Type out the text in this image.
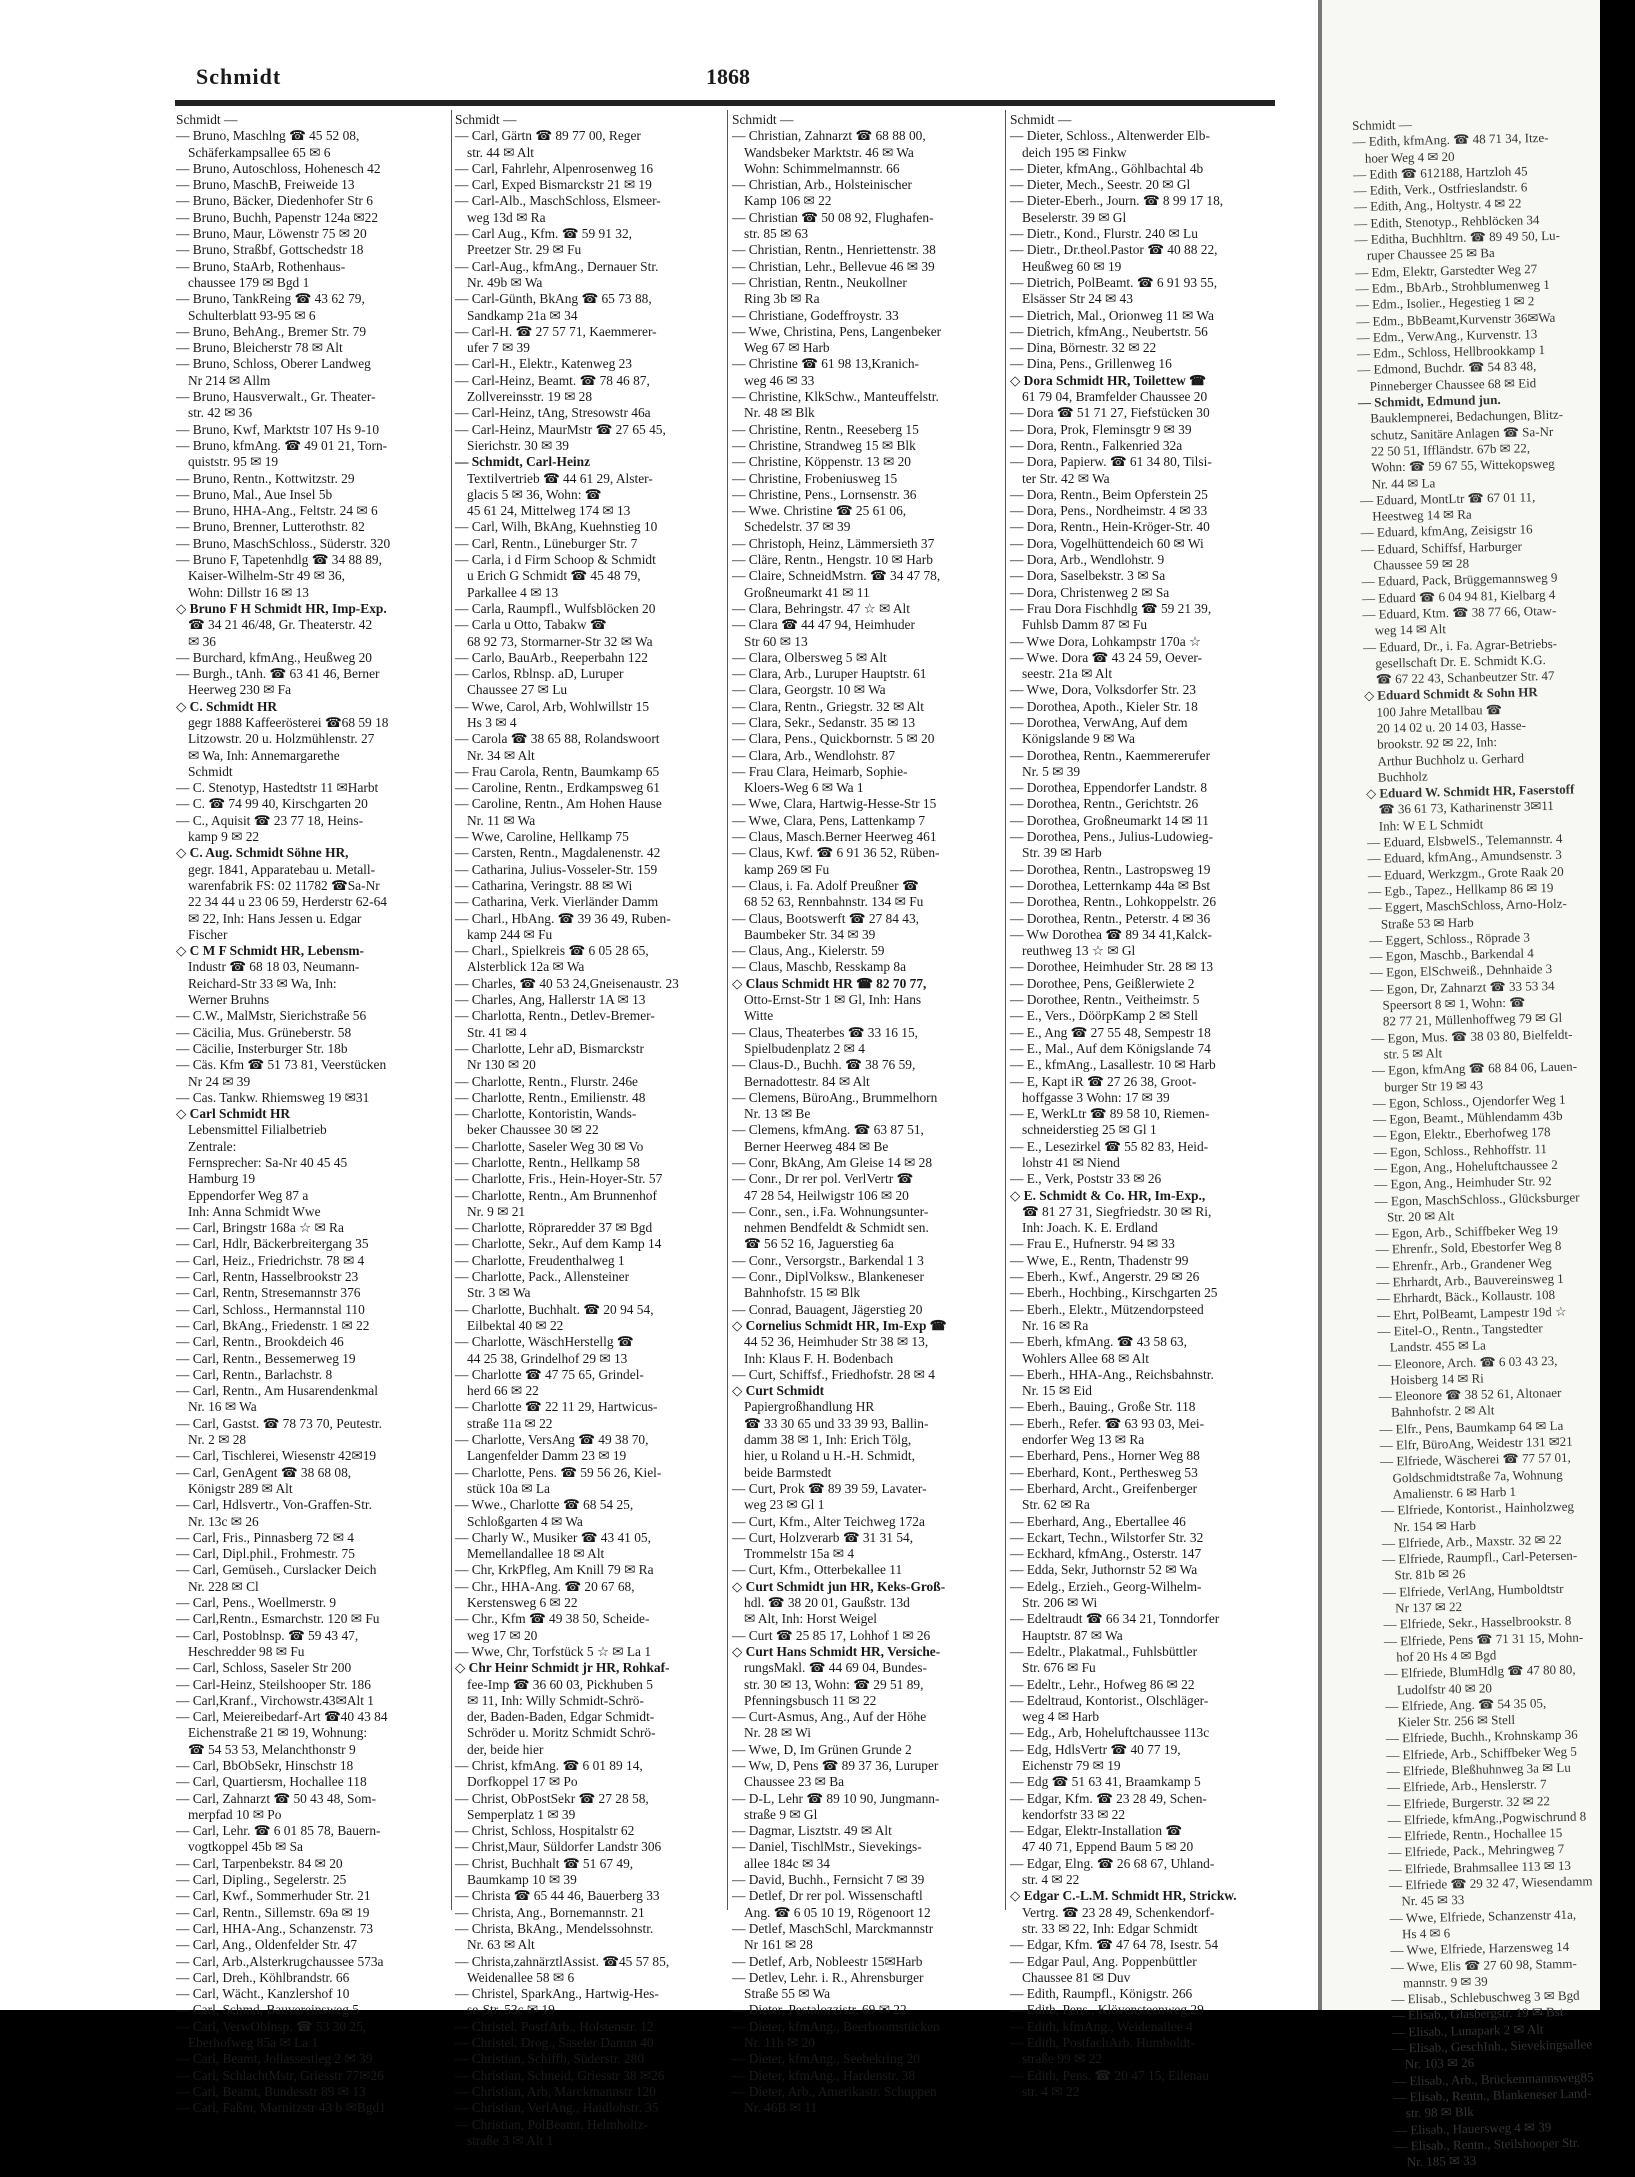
Schmidt	1868
Schmidt —
— Bruno, Maschlng ☎ 45 52 08,
Schäferkampsallee 65 ✉ 6
— Bruno, Autoschloss, Hohenesch 42
— Bruno, MaschB, Freiweide 13
— Bruno, Bäcker, Diedenhofer Str 6
— Bruno, Buchh, Papenstr 124a ✉22
— Bruno, Maur, Löwenstr 75 ✉ 20
— Bruno, Straßbf, Gottschedstr 18
— Bruno, StaArb, Rothenhaus-
chaussee 179 ✉ Bgd 1
— Bruno, TankReing ☎ 43 62 79,
Schulterblatt 93-95 ✉ 6
— Bruno, BehAng., Bremer Str. 79
— Bruno, Bleicherstr 78 ✉ Alt
— Bruno, Schloss, Oberer Landweg
Nr 214 ✉ Allm
— Bruno, Hausverwalt., Gr. Theater-
str. 42 ✉ 36
— Bruno, Kwf, Marktstr 107 Hs 9-10
— Bruno, kfmAng. ☎ 49 01 21, Torn-
quiststr. 95 ✉ 19
— Bruno, Rentn., Kottwitzstr. 29
— Bruno, Mal., Aue Insel 5b
— Bruno, HHA-Ang., Feltstr. 24 ✉ 6
— Bruno, Brenner, Lutterothstr. 82
— Bruno, MaschSchloss., Süderstr. 320
— Bruno F, Tapetenhdlg ☎ 34 88 89,
Kaiser-Wilhelm-Str 49 ✉ 36,
Wohn: Dillstr 16 ✉ 13
◇ Bruno F H Schmidt HR, Imp-Exp.
☎ 34 21 46/48, Gr. Theaterstr. 42
✉ 36
— Burchard, kfmAng., Heußweg 20
— Burgh., tAnh. ☎ 63 41 46, Berner
Heerweg 230 ✉ Fa
◇ C. Schmidt HR
gegr 1888 Kaffeerösterei ☎68 59 18
Litzowstr. 20 u. Holzmühlenstr. 27
✉ Wa, Inh: Annemargarethe
Schmidt
— C. Stenotyp, Hastedtstr 11 ✉Harbt
— C. ☎ 74 99 40, Kirschgarten 20
— C., Aquisit ☎ 23 77 18, Heins-
kamp 9 ✉ 22
◇ C. Aug. Schmidt Söhne HR,
gegr. 1841, Apparatebau u. Metall-
warenfabrik FS: 02 11782 ☎Sa-Nr
22 34 44 u 23 06 59, Herderstr 62-64
✉ 22, Inh: Hans Jessen u. Edgar
Fischer
◇ C M F Schmidt HR, Lebensm-
Industr ☎ 68 18 03, Neumann-
Reichard-Str 33 ✉ Wa, Inh:
Werner Bruhns
— C.W., MalMstr, Sierichstraße 56
— Cäcilia, Mus. Grüneberstr. 58
— Cäcilie, Insterburger Str. 18b
— Cäs. Kfm ☎ 51 73 81, Veerstücken
Nr 24 ✉ 39
— Cas. Tankw. Rhiemsweg 19 ✉31
◇ Carl Schmidt HR
Lebensmittel Filialbetrieb
Zentrale:
Fernsprecher: Sa-Nr 40 45 45
Hamburg 19
Eppendorfer Weg 87 a
Inh: Anna Schmidt Wwe
— Carl, Bringstr 168a ☆ ✉ Ra
— Carl, Hdlr, Bäckerbreitergang 35
— Carl, Heiz., Friedrichstr. 78 ✉ 4
— Carl, Rentn, Hasselbrookstr 23
— Carl, Rentn, Stresemannstr 376
— Carl, Schloss., Hermannstal 110
— Carl, BkAng., Friedenstr. 1 ✉ 22
— Carl, Rentn., Brookdeich 46
— Carl, Rentn., Bessemerweg 19
— Carl, Rentn., Barlachstr. 8
— Carl, Rentn., Am Husarendenkmal
Nr. 16 ✉ Wa
— Carl, Gastst. ☎ 78 73 70, Peutestr.
Nr. 2 ✉ 28
— Carl, Tischlerei, Wiesenstr 42✉19
— Carl, GenAgent ☎ 38 68 08,
Königstr 289 ✉ Alt
— Carl, Hdlsvertr., Von-Graffen-Str.
Nr. 13c ✉ 26
— Carl, Fris., Pinnasberg 72 ✉ 4
— Carl, Dipl.phil., Frohmestr. 75
— Carl, Gemüseh., Curslacker Deich
Nr. 228 ✉ Cl
— Carl, Pens., Woellmerstr. 9
— Carl,Rentn., Esmarchstr. 120 ✉ Fu
— Carl, Postoblnsp. ☎ 59 43 47,
Heschredder 98 ✉ Fu
— Carl, Schloss, Saseler Str 200
— Carl-Heinz, Steilshooper Str. 186
— Carl,Kranf., Virchowstr.43✉Alt 1
— Carl, Meiereibedarf-Art ☎40 43 84
Eichenstraße 21 ✉ 19, Wohnung:
☎ 54 53 53, Melanchthonstr 9
— Carl, BbObSekr, Hinschstr 18
— Carl, Quartiersm, Hochallee 118
— Carl, Zahnarzt ☎ 50 43 48, Som-
merpfad 10 ✉ Po
— Carl, Lehr. ☎ 6 01 85 78, Bauern-
vogtkoppel 45b ✉ Sa
— Carl, Tarpenbekstr. 84 ✉ 20
— Carl, Dipling., Segelerstr. 25
— Carl, Kwf., Sommerhuder Str. 21
— Carl, Rentn., Sillemstr. 69a ✉ 19
— Carl, HHA-Ang., Schanzenstr. 73
— Carl, Ang., Oldenfelder Str. 47
— Carl, Arb.,Alsterkrugchaussee 573a
— Carl, Dreh., Köhlbrandstr. 66
— Carl, Wächt., Kanzlershof 10
— Carl, Schmd, Bauvereinsweg 5
— Carl, VerwOblnsp. ☎ 53 30 25,
Eberhofweg 85a ✉ La 1
— Carl, Beamt, Jollassestieg 2 ✉ 39
— Carl, SchlachtMstr, Griesstr 77✉26
— Carl, Beamt, Bundesstr 89 ✉ 13
— Carl, Faßm, Marnitzstr 43 b ✉Bgd1
Schmidt —
— Carl, Gärtn ☎ 89 77 00, Reger
str. 44 ✉ Alt
— Carl, Fahrlehr, Alpenrosenweg 16
— Carl, Exped Bismarckstr 21 ✉ 19
— Carl-Alb., MaschSchloss, Elsmeer-
weg 13d ✉ Ra
— Carl Aug., Kfm. ☎ 59 91 32,
Preetzer Str. 29 ✉ Fu
— Carl-Aug., kfmAng., Dernauer Str.
Nr. 49b ✉ Wa
— Carl-Günth, BkAng ☎ 65 73 88,
Sandkamp 21a ✉ 34
— Carl-H. ☎ 27 57 71, Kaemmerer-
ufer 7 ✉ 39
— Carl-H., Elektr., Katenweg 23
— Carl-Heinz, Beamt. ☎ 78 46 87,
Zollvereinsstr. 19 ✉ 28
— Carl-Heinz, tAng, Stresowstr 46a
— Carl-Heinz, MaurMstr ☎ 27 65 45,
Sierichstr. 30 ✉ 39
— Schmidt, Carl-Heinz
Textilvertrieb ☎ 44 61 29, Alster-
glacis 5 ✉ 36, Wohn: ☎
45 61 24, Mittelweg 174 ✉ 13
— Carl, Wilh, BkAng, Kuehnstieg 10
— Carl, Rentn., Lüneburger Str. 7
— Carla, i d Firm Schoop & Schmidt
u Erich G Schmidt ☎ 45 48 79,
Parkallee 4 ✉ 13
— Carla, Raumpfl., Wulfsblöcken 20
— Carla u Otto, Tabakw ☎
68 92 73, Stormarner-Str 32 ✉ Wa
— Carlo, BauArb., Reeperbahn 122
— Carlos, Rblnsp. aD, Luruper
Chaussee 27 ✉ Lu
— Wwe, Carol, Arb, Wohlwillstr 15
Hs 3 ✉ 4
— Carola ☎ 38 65 88, Rolandswoort
Nr. 34 ✉ Alt
— Frau Carola, Rentn, Baumkamp 65
— Caroline, Rentn., Erdkampsweg 61
— Caroline, Rentn., Am Hohen Hause
Nr. 11 ✉ Wa
— Wwe, Caroline, Hellkamp 75
— Carsten, Rentn., Magdalenenstr. 42
— Catharina, Julius-Vosseler-Str. 159
— Catharina, Veringstr. 88 ✉ Wi
— Catharina, Verk. Vierländer Damm
— Charl., HbAng. ☎ 39 36 49, Ruben-
kamp 244 ✉ Fu
— Charl., Spielkreis ☎ 6 05 28 65,
Alsterblick 12a ✉ Wa
— Charles, ☎ 40 53 24,Gneisenaustr. 23
— Charles, Ang, Hallerstr 1A ✉ 13
— Charlotta, Rentn., Detlev-Bremer-
Str. 41 ✉ 4
— Charlotte, Lehr aD, Bismarckstr
Nr 130 ✉ 20
— Charlotte, Rentn., Flurstr. 246e
— Charlotte, Rentn., Emilienstr. 48
— Charlotte, Kontoristin, Wands-
beker Chaussee 30 ✉ 22
— Charlotte, Saseler Weg 30 ✉ Vo
— Charlotte, Rentn., Hellkamp 58
— Charlotte, Fris., Hein-Hoyer-Str. 57
— Charlotte, Rentn., Am Brunnenhof
Nr. 9 ✉ 21
— Charlotte, Röpraredder 37 ✉ Bgd
— Charlotte, Sekr., Auf dem Kamp 14
— Charlotte, Freudenthalweg 1
— Charlotte, Pack., Allensteiner
Str. 3 ✉ Wa
— Charlotte, Buchhalt. ☎ 20 94 54,
Eilbektal 40 ✉ 22
— Charlotte, WäschHerstellg ☎
44 25 38, Grindelhof 29 ✉ 13
— Charlotte ☎ 47 75 65, Grindel-
herd 66 ✉ 22
— Charlotte ☎ 22 11 29, Hartwicus-
straße 11a ✉ 22
— Charlotte, VersAng ☎ 49 38 70,
Langenfelder Damm 23 ✉ 19
— Charlotte, Pens. ☎ 59 56 26, Kiel-
stück 10a ✉ La
— Wwe., Charlotte ☎ 68 54 25,
Schloßgarten 4 ✉ Wa
— Charly W., Musiker ☎ 43 41 05,
Memellandallee 18 ✉ Alt
— Chr, KrkPfleg, Am Knill 79 ✉ Ra
— Chr., HHA-Ang. ☎ 20 67 68,
Kerstensweg 6 ✉ 22
— Chr., Kfm ☎ 49 38 50, Scheide-
weg 17 ✉ 20
— Wwe, Chr, Torfstück 5 ☆ ✉ La 1
◇ Chr Heinr Schmidt jr HR, Rohkaf-
fee-Imp ☎ 36 60 03, Pickhuben 5
✉ 11, Inh: Willy Schmidt-Schrö-
der, Baden-Baden, Edgar Schmidt-
Schröder u. Moritz Schmidt Schrö-
der, beide hier
— Christ, kfmAng. ☎ 6 01 89 14,
Dorfkoppel 17 ✉ Po
— Christ, ObPostSekr ☎ 27 28 58,
Semperplatz 1 ✉ 39
— Christ, Schloss, Hospitalstr 62
— Christ,Maur, Süldorfer Landstr 306
— Christ, Buchhalt ☎ 51 67 49,
Baumkamp 10 ✉ 39
— Christa ☎ 65 44 46, Bauerberg 33
— Christa, Ang., Bornemannstr. 21
— Christa, BkAng., Mendelssohnstr.
Nr. 63 ✉ Alt
— Christa,zahnärztlAssist. ☎45 57 85,
Weidenallee 58 ✉ 6
— Christel, SparkAng., Hartwig-Hes-
se-Str. 53c ✉ 19
— Christel, PostfArb., Holstenstr. 12
— Christel, Drog., Saseler Damm 40
— Christian, Schiffb, Süderstr. 280
— Christian, Schneid, Griesstr 38 ✉26
— Christian, Arb, Marckmannstr 120
— Christian, VerlAng., Haidlohstr. 35
— Christian, PolBeamt, Helmholtz-
straße 3 ✉ Alt 1
Schmidt —
— Christian, Zahnarzt ☎ 68 88 00,
Wandsbeker Marktstr. 46 ✉ Wa
Wohn: Schimmelmannstr. 66
— Christian, Arb., Holsteinischer
Kamp 106 ✉ 22
— Christian ☎ 50 08 92, Flughafen-
str. 85 ✉ 63
— Christian, Rentn., Henriettenstr. 38
— Christian, Lehr., Bellevue 46 ✉ 39
— Christian, Rentn., Neukollner
Ring 3b ✉ Ra
— Christiane, Godeffroystr. 33
— Wwe, Christina, Pens, Langenbeker
Weg 67 ✉ Harb
— Christine ☎ 61 98 13,Kranich-
weg 46 ✉ 33
— Christine, KlkSchw., Manteuffelstr.
Nr. 48 ✉ Blk
— Christine, Rentn., Reeseberg 15
— Christine, Strandweg 15 ✉ Blk
— Christine, Köppenstr. 13 ✉ 20
— Christine, Frobeniusweg 15
— Christine, Pens., Lornsenstr. 36
— Wwe. Christine ☎ 25 61 06,
Schedelstr. 37 ✉ 39
— Christoph, Heinz, Lämmersieth 37
— Cläre, Rentn., Hengstr. 10 ✉ Harb
— Claire, SchneidMstrn. ☎ 34 47 78,
Großneumarkt 41 ✉ 11
— Clara, Behringstr. 47 ☆ ✉ Alt
— Clara ☎ 44 47 94, Heimhuder
Str 60 ✉ 13
— Clara, Olbersweg 5 ✉ Alt
— Clara, Arb., Luruper Hauptstr. 61
— Clara, Georgstr. 10 ✉ Wa
— Clara, Rentn., Griegstr. 32 ✉ Alt
— Clara, Sekr., Sedanstr. 35 ✉ 13
— Clara, Pens., Quickbornstr. 5 ✉ 20
— Clara, Arb., Wendlohstr. 87
— Frau Clara, Heimarb, Sophie-
Kloers-Weg 6 ✉ Wa 1
— Wwe, Clara, Hartwig-Hesse-Str 15
— Wwe, Clara, Pens, Lattenkamp 7
— Claus, Masch.Berner Heerweg 461
— Claus, Kwf. ☎ 6 91 36 52, Rüben-
kamp 269 ✉ Fu
— Claus, i. Fa. Adolf Preußner ☎
68 52 63, Rennbahnstr. 134 ✉ Fu
— Claus, Bootswerft ☎ 27 84 43,
Baumbeker Str. 34 ✉ 39
— Claus, Ang., Kielerstr. 59
— Claus, Maschb, Resskamp 8a
◇ Claus Schmidt HR ☎ 82 70 77,
Otto-Ernst-Str 1 ✉ Gl, Inh: Hans
Witte
— Claus, Theaterbes ☎ 33 16 15,
Spielbudenplatz 2 ✉ 4
— Claus-D., Buchh. ☎ 38 76 59,
Bernadottestr. 84 ✉ Alt
— Clemens, BüroAng., Brummelhorn
Nr. 13 ✉ Be
— Clemens, kfmAng. ☎ 63 87 51,
Berner Heerweg 484 ✉ Be
— Conr, BkAng, Am Gleise 14 ✉ 28
— Conr., Dr rer pol. VerlVertr ☎
47 28 54, Heilwigstr 106 ✉ 20
— Conr., sen., i.Fa. Wohnungsunter-
nehmen Bendfeldt & Schmidt sen.
☎ 56 52 16, Jaguerstieg 6a
— Conr., Versorgstr., Barkendal 1 3
— Conr., DiplVolksw., Blankeneser
Bahnhofstr. 15 ✉ Blk
— Conrad, Bauagent, Jägerstieg 20
◇ Cornelius Schmidt HR, Im-Exp ☎
44 52 36, Heimhuder Str 38 ✉ 13,
Inh: Klaus F. H. Bodenbach
— Curt, Schiffsf., Friedhofstr. 28 ✉ 4
◇ Curt Schmidt
Papiergroßhandlung HR
☎ 33 30 65 und 33 39 93, Ballin-
damm 38 ✉ 1, Inh: Erich Tölg,
hier, u Roland u H.-H. Schmidt,
beide Barmstedt
— Curt, Prok ☎ 89 39 59, Lavater-
weg 23 ✉ Gl 1
— Curt, Kfm., Alter Teichweg 172a
— Curt, Holzverarb ☎ 31 31 54,
Trommelstr 15a ✉ 4
— Curt, Kfm., Otterbekallee 11
◇ Curt Schmidt jun HR, Keks-Groß-
hdl. ☎ 38 20 01, Gaußstr. 13d
✉ Alt, Inh: Horst Weigel
— Curt ☎ 25 85 17, Lohhof 1 ✉ 26
◇ Curt Hans Schmidt HR, Versiche-
rungsMakl. ☎ 44 69 04, Bundes-
str. 30 ✉ 13, Wohn: ☎ 29 51 89,
Pfenningsbusch 11 ✉ 22
— Curt-Asmus, Ang., Auf der Höhe
Nr. 28 ✉ Wi
— Wwe, D, Im Grünen Grunde 2
— Ww, D, Pens ☎ 89 37 36, Luruper
Chaussee 23 ✉ Ba
— D-L, Lehr ☎ 89 10 90, Jungmann-
straße 9 ✉ Gl
— Dagmar, Lisztstr. 49 ✉ Alt
— Daniel, TischlMstr., Sievekings-
allee 184c ✉ 34
— David, Buchh., Fernsicht 7 ✉ 39
— Detlef, Dr rer pol. Wissenschaftl
Ang. ☎ 6 05 10 19, Rögenoort 12
— Detlef, MaschSchl, Marckmannstr
Nr 161 ✉ 28
— Detlef, Arb, Nobleestr 15✉Harb
— Detlev, Lehr. i. R., Ahrensburger
Straße 55 ✉ Wa
— Dieter, Pestalozzistr. 69 ✉ 22
— Dieter, kfmAng., Beerboomstücken
Nr. 11h ✉ 20
— Dieter, kfmAng., Seebekring 20
— Dieter, kfmAng., Hardenstr. 38
— Dieter, Arb., Amerikastr. Schuppen
Nr. 46B ✉ 11
Schmidt —
— Dieter, Schloss., Altenwerder Elb-
deich 195 ✉ Finkw
— Dieter, kfmAng., Göhlbachtal 4b
— Dieter, Mech., Seestr. 20 ✉ Gl
— Dieter-Eberh., Journ. ☎ 8 99 17 18,
Beselerstr. 39 ✉ Gl
— Dietr., Kond., Flurstr. 240 ✉ Lu
— Dietr., Dr.theol.Pastor ☎ 40 88 22,
Heußweg 60 ✉ 19
— Dietrich, PolBeamt. ☎ 6 91 93 55,
Elsässer Str 24 ✉ 43
— Dietrich, Mal., Orionweg 11 ✉ Wa
— Dietrich, kfmAng., Neubertstr. 56
— Dina, Börnestr. 32 ✉ 22
— Dina, Pens., Grillenweg 16
◇ Dora Schmidt HR, Toilettew ☎
61 79 04, Bramfelder Chaussee 20
— Dora ☎ 51 71 27, Fiefstücken 30
— Dora, Prok, Fleminsgtr 9 ✉ 39
— Dora, Rentn., Falkenried 32a
— Dora, Papierw. ☎ 61 34 80, Tilsi-
ter Str. 42 ✉ Wa
— Dora, Rentn., Beim Opferstein 25
— Dora, Pens., Nordheimstr. 4 ✉ 33
— Dora, Rentn., Hein-Kröger-Str. 40
— Dora, Vogelhüttendeich 60 ✉ Wi
— Dora, Arb., Wendlohstr. 9
— Dora, Saselbekstr. 3 ✉ Sa
— Dora, Christenweg 2 ✉ Sa
— Frau Dora Fischhdlg ☎ 59 21 39,
Fuhlsb Damm 87 ✉ Fu
— Wwe Dora, Lohkampstr 170a ☆
— Wwe. Dora ☎ 43 24 59, Oever-
seestr. 21a ✉ Alt
— Wwe, Dora, Volksdorfer Str. 23
— Dorothea, Apoth., Kieler Str. 18
— Dorothea, VerwAng, Auf dem
Königslande 9 ✉ Wa
— Dorothea, Rentn., Kaemmererufer
Nr. 5 ✉ 39
— Dorothea, Eppendorfer Landstr. 8
— Dorothea, Rentn., Gerichtstr. 26
— Dorothea, Großneumarkt 14 ✉ 11
— Dorothea, Pens., Julius-Ludowieg-
Str. 39 ✉ Harb
— Dorothea, Rentn., Lastropsweg 19
— Dorothea, Letternkamp 44a ✉ Bst
— Dorothea, Rentn., Lohkoppelstr. 26
— Dorothea, Rentn., Peterstr. 4 ✉ 36
— Ww Dorothea ☎ 89 34 41,Kalck-
reuthweg 13 ☆ ✉ Gl
— Dorothee, Heimhuder Str. 28 ✉ 13
— Dorothee, Pens, Geißlerwiete 2
— Dorothee, Rentn., Veitheimstr. 5
— E., Vers., DöörpKamp 2 ✉ Stell
— E., Ang ☎ 27 55 48, Sempestr 18
— E., Mal., Auf dem Königslande 74
— E., kfmAng., Lasallestr. 10 ✉ Harb
— E, Kapt iR ☎ 27 26 38, Groot-
hoffgasse 3 Wohn: 17 ✉ 39
— E, WerkLtr ☎ 89 58 10, Riemen-
schneiderstieg 25 ✉ Gl 1
— E., Lesezirkel ☎ 55 82 83, Heid-
lohstr 41 ✉ Niend
— E., Verk, Poststr 33 ✉ 26
◇ E. Schmidt & Co. HR, Im-Exp.,
☎ 81 27 31, Siegfriedstr. 30 ✉ Ri,
Inh: Joach. K. E. Erdland
— Frau E., Hufnerstr. 94 ✉ 33
— Wwe, E., Rentn, Thadenstr 99
— Eberh., Kwf., Angerstr. 29 ✉ 26
— Eberh., Hochbing., Kirschgarten 25
— Eberh., Elektr., Mützendorpsteed
Nr. 16 ✉ Ra
— Eberh, kfmAng. ☎ 43 58 63,
Wohlers Allee 68 ✉ Alt
— Eberh., HHA-Ang., Reichsbahnstr.
Nr. 15 ✉ Eid
— Eberh., Bauing., Große Str. 118
— Eberh., Refer. ☎ 63 93 03, Mei-
endorfer Weg 13 ✉ Ra
— Eberhard, Pens., Horner Weg 88
— Eberhard, Kont., Perthesweg 53
— Eberhard, Archt., Greifenberger
Str. 62 ✉ Ra
— Eberhard, Ang., Ebertallee 46
— Eckart, Techn., Wilstorfer Str. 32
— Eckhard, kfmAng., Osterstr. 147
— Edda, Sekr, Juthornstr 52 ✉ Wa
— Edelg., Erzieh., Georg-Wilhelm-
Str. 206 ✉ Wi
— Edeltraudt ☎ 66 34 21, Tonndorfer
Hauptstr. 87 ✉ Wa
— Edeltr., Plakatmal., Fuhlsbüttler
Str. 676 ✉ Fu
— Edeltr., Lehr., Hofweg 86 ✉ 22
— Edeltraud, Kontorist., Olschläger-
weg 4 ✉ Harb
— Edg., Arb, Hoheluftchaussee 113c
— Edg, HdlsVertr ☎ 40 77 19,
Eichenstr 79 ✉ 19
— Edg ☎ 51 63 41, Braamkamp 5
— Edgar, Kfm. ☎ 23 28 49, Schen-
kendorfstr 33 ✉ 22
— Edgar, Elektr-Installation ☎
47 40 71, Eppend Baum 5 ✉ 20
— Edgar, Elng. ☎ 26 68 67, Uhland-
str. 4 ✉ 22
◇ Edgar C.-L.M. Schmidt HR, Strickw.
Vertrg. ☎ 23 28 49, Schenkendorf-
str. 33 ✉ 22, Inh: Edgar Schmidt
— Edgar, Kfm. ☎ 47 64 78, Isestr. 54
— Edgar Paul, Ang. Poppenbüttler
Chaussee 81 ✉ Duv
— Edith, Raumpfl., Königstr. 266
— Edith, Pens., Klövensteenweg 29
— Edith, kfmAng., Weidenallee 4
— Edith, PostfachArb. Humboldt-
straße 99 ✉ 22
— Edith, Pens. ☎ 20 47 15, Eilenau
str. 4 ✉ 22
Schmidt —
— Edith, kfmAng. ☎ 48 71 34, Itze-
hoer Weg 4 ✉ 20
— Edith ☎ 612188, Hartzloh 45
— Edith, Verk., Ostfrieslandstr. 6
— Edith, Ang., Holtystr. 4 ✉ 22
— Edith, Stenotyp., Rehblöcken 34
— Editha, Buchhltrn. ☎ 89 49 50, Lu-
ruper Chaussee 25 ✉ Ba
— Edm, Elektr, Garstedter Weg 27
— Edm., BbArb., Strohblumenweg 1
— Edm., Isolier., Hegestieg 1 ✉ 2
— Edm., BbBeamt,Kurvenstr 36✉Wa
— Edm., VerwAng., Kurvenstr. 13
— Edm., Schloss, Hellbrookkamp 1
— Edmond, Buchdr. ☎ 54 83 48,
Pinneberger Chaussee 68 ✉ Eid
— Schmidt, Edmund jun.
Bauklempnerei, Bedachungen, Blitz-
schutz, Sanitäre Anlagen ☎ Sa-Nr
22 50 51, Iffländstr. 67b ✉ 22,
Wohn: ☎ 59 67 55, Wittekopsweg
Nr. 44 ✉ La
— Eduard, MontLtr ☎ 67 01 11,
Heestweg 14 ✉ Ra
— Eduard, kfmAng, Zeisigstr 16
— Eduard, Schiffsf, Harburger
Chaussee 59 ✉ 28
— Eduard, Pack, Brüggemannsweg 9
— Eduard ☎ 6 04 94 81, Kielbarg 4
— Eduard, Ktm. ☎ 38 77 66, Otaw-
weg 14 ✉ Alt
— Eduard, Dr., i. Fa. Agrar-Betriebs-
gesellschaft Dr. E. Schmidt K.G.
☎ 67 22 43, Schanbeutzer Str. 47
◇ Eduard Schmidt & Sohn HR
100 Jahre Metallbau ☎
20 14 02 u. 20 14 03, Hasse-
brookstr. 92 ✉ 22, Inh:
Arthur Buchholz u. Gerhard
Buchholz
◇ Eduard W. Schmidt HR, Faserstoff
☎ 36 61 73, Katharinenstr 3✉11
Inh: W E L Schmidt
— Eduard, ElsbwelS., Telemannstr. 4
— Eduard, kfmAng., Amundsenstr. 3
— Eduard, Werkzgm., Grote Raak 20
— Egb., Tapez., Hellkamp 86 ✉ 19
— Eggert, MaschSchloss, Arno-Holz-
Straße 53 ✉ Harb
— Eggert, Schloss., Röprade 3
— Egon, Maschb., Barkendal 4
— Egon, ElSchweiß., Dehnhaide 3
— Egon, Dr, Zahnarzt ☎ 33 53 34
Speersort 8 ✉ 1, Wohn: ☎
82 77 21, Müllenhoffweg 79 ✉ Gl
— Egon, Mus. ☎ 38 03 80, Bielfeldt-
str. 5 ✉ Alt
— Egon, kfmAng ☎ 68 84 06, Lauen-
burger Str 19 ✉ 43
— Egon, Schloss., Ojendorfer Weg 1
— Egon, Beamt., Mühlendamm 43b
— Egon, Elektr., Eberhofweg 178
— Egon, Schloss., Rehhoffstr. 11
— Egon, Ang., Hoheluftchaussee 2
— Egon, Ang., Heimhuder Str. 92
— Egon, MaschSchloss., Glücksburger
Str. 20 ✉ Alt
— Egon, Arb., Schiffbeker Weg 19
— Ehrenfr., Sold, Ebestorfer Weg 8
— Ehrenfr., Arb., Grandener Weg
— Ehrhardt, Arb., Bauvereinsweg 1
— Ehrhardt, Bäck., Kollaustr. 108
— Ehrt, PolBeamt, Lampestr 19d ☆
— Eitel-O., Rentn., Tangstedter
Landstr. 455 ✉ La
— Eleonore, Arch. ☎ 6 03 43 23,
Hoisberg 14 ✉ Ri
— Eleonore ☎ 38 52 61, Altonaer
Bahnhofstr. 2 ✉ Alt
— Elfr., Pens, Baumkamp 64 ✉ La
— Elfr, BüroAng, Weidestr 131 ✉21
— Elfriede, Wäscherei ☎ 77 57 01,
Goldschmidtstraße 7a, Wohnung
Amalienstr. 6 ✉ Harb 1
— Elfriede, Kontorist., Hainholzweg
Nr. 154 ✉ Harb
— Elfriede, Arb., Maxstr. 32 ✉ 22
— Elfriede, Raumpfl., Carl-Petersen-
Str. 81b ✉ 26
— Elfriede, VerlAng, Humboldtstr
Nr 137 ✉ 22
— Elfriede, Sekr., Hasselbrookstr. 8
— Elfriede, Pens ☎ 71 31 15, Mohn-
hof 20 Hs 4 ✉ Bgd
— Elfriede, BlumHdlg ☎ 47 80 80,
Ludolfstr 40 ✉ 20
— Elfriede, Ang. ☎ 54 35 05,
Kieler Str. 256 ✉ Stell
— Elfriede, Buchh., Krohnskamp 36
— Elfriede, Arb., Schiffbeker Weg 5
— Elfriede, Bleßhuhnweg 3a ✉ Lu
— Elfriede, Arb., Henslerstr. 7
— Elfriede, Burgerstr. 32 ✉ 22
— Elfriede, kfmAng.,Pogwischrund 8
— Elfriede, Rentn., Hochallee 15
— Elfriede, Pack., Mehringweg 7
— Elfriede, Brahmsallee 113 ✉ 13
— Elfriede ☎ 29 32 47, Wiesendamm
Nr. 45 ✉ 33
— Wwe, Elfriede, Schanzenstr 41a,
Hs 4 ✉ 6
— Wwe, Elfriede, Harzensweg 14
— Wwe, Elis ☎ 27 60 98, Stamm-
mannstr. 9 ✉ 39
— Elisab., Schlebuschweg 3 ✉ Bgd
— Elisab., Glasbergstr. 19 ✉ Bst
— Elisab., Lunapark 2 ✉ Alt
— Elisab., GeschInh., Sievekingsallee
Nr. 103 ✉ 26
— Elisab., Arb., Brückenmannsweg85
— Elisab., Rentn., Blankeneser Land-
str. 98 ✉ Blk
— Elisab., Hauersweg 4 ✉ 39
— Elisab., Rentn., Steilshooper Str.
Nr. 185 ✉ 33
